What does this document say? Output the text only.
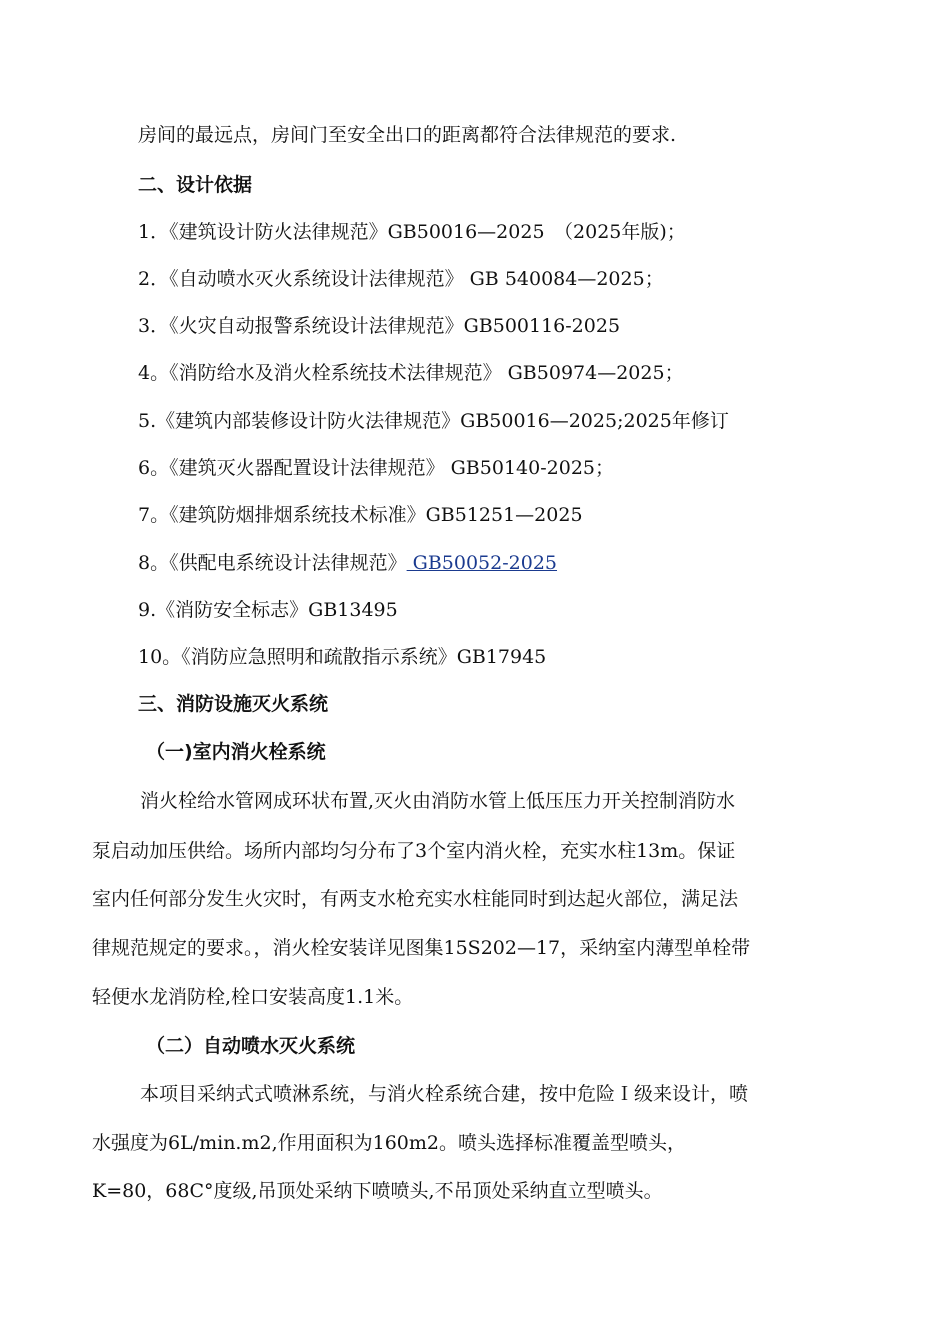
房间的最远点，房间门至安全出口的距离都符合法律规范的要求.
二、设计依据
1．《建筑设计防火法律规范》GB50016—2025　（2025年版)；
2．《自动喷水灭火系统设计法律规范》 GB 540084—2025；
3．《火灾自动报警系统设计法律规范》GB500116-2025
4。《消防给水及消火栓系统技术法律规范》 GB50974—2025；
5.《建筑内部装修设计防火法律规范》GB50016—2025;2025年修订
6。《建筑灭火器配置设计法律规范》 GB50140-2025；
7。《建筑防烟排烟系统技术标准》GB51251—2025
8。《供配电系统设计法律规范》 GB50052-2025
9.《消防安全标志》GB13495
10。《消防应急照明和疏散指示系统》GB17945
三、消防设施灭火系统
（一)室内消火栓系统
消火栓给水管网成环状布置,灭火由消防水管上低压压力开关控制消防水
泵启动加压供给。场所内部均匀分布了3个室内消火栓，充实水柱13m。保证
室内任何部分发生火灾时，有两支水枪充实水柱能同时到达起火部位，满足法
律规范规定的要求。，消火栓安装详见图集15S202—17，采纳室内薄型单栓带
轻便水龙消防栓,栓口安装高度1.1米。
（二）自动喷水灭火系统
本项目采纳式式喷淋系统，与消火栓系统合建，按中危险Ｉ级来设计，喷
水强度为6L/min.m2,作用面积为160m2。喷头选择标准覆盖型喷头，
K=80，68C°度级,吊顶处采纳下喷喷头,不吊顶处采纳直立型喷头。
